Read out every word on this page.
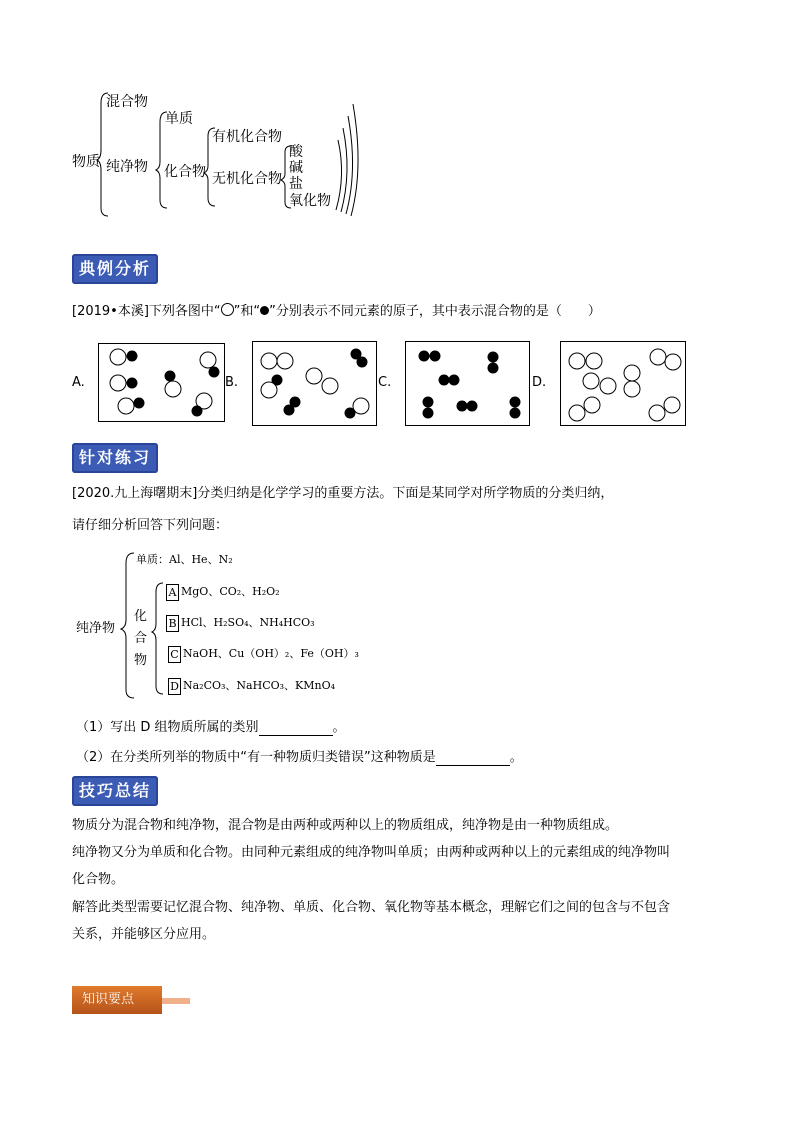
物质
混合物
纯净物
单质
化合物
有机化合物
无机化合物
酸
碱
盐
氧化物
典例分析
[2019•本溪]下列各图中“ ”和“ ”分别表示不同元素的原子，其中表示混合物的是（　　）
A.	B.	C.	D.
针对练习
[2020.九上海曙期末]分类归纳是化学学习的重要方法。下面是某同学对所学物质的分类归纳，
请仔细分析回答下列问题：
纯净物
单质：Al、He、N₂
化
合
物
A MgO、CO₂、H₂O₂
B HCl、H₂SO₄、NH₄HCO₃
C NaOH、Cu（OH）₂、Fe（OH）₃
D Na₂CO₃、NaHCO₃、KMnO₄
（1）写出 D 组物质所属的类别	。
（2）在分类所列举的物质中“有一种物质归类错误”这种物质是	。
技巧总结
物质分为混合物和纯净物，混合物是由两种或两种以上的物质组成，纯净物是由一种物质组成。
纯净物又分为单质和化合物。由同种元素组成的纯净物叫单质；由两种或两种以上的元素组成的纯净物叫
化合物。
解答此类型需要记忆混合物、纯净物、单质、化合物、氧化物等基本概念，理解它们之间的包含与不包含
关系，并能够区分应用。
知识要点
